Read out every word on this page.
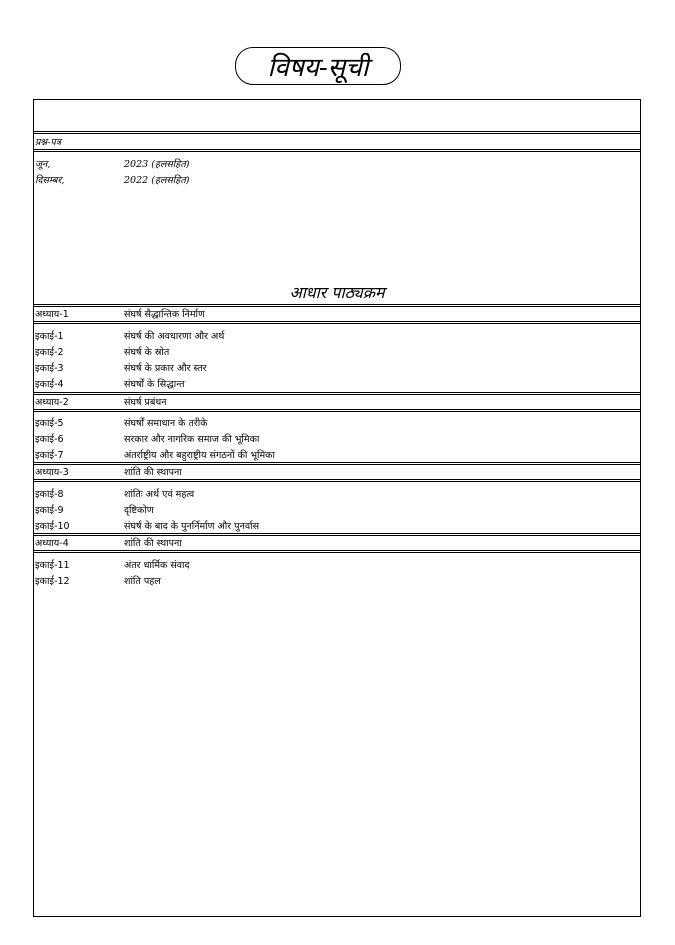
विषय-सूची
प्रश्न-पत्र
जून,	2023 (हलसहित)
दिसम्बर,	2022 (हलसहित)
आधार पाठ्यक्रम
अध्याय-1	संघर्ष सैद्धान्तिक निर्माण
इकाई-1	संघर्ष की अवधारणा और अर्थ
इकाई-2	संघर्ष के स्रोत
इकाई-3	संघर्ष के प्रकार और स्तर
इकाई-4	संघर्षों के सिद्धान्त
अध्याय-2	संघर्ष प्रबंधन
इकाई-5	संघर्षों समाधान के तरीके
इकाई-6	सरकार और नागरिक समाज की भूमिका
इकाई-7	अंतर्राष्ट्रीय और बहुराष्ट्रीय संगठनों की भूमिका
अध्याय-3	शांति की स्थापना
इकाई-8	शांतिः अर्थ एवं महत्व
इकाई-9	दृष्टिकोण
इकाई-10	संघर्ष के बाद के पुनर्निर्माण और पुनर्वास
अध्याय-4	शांति की स्थापना
इकाई-11	अंतर धार्मिक संवाद
इकाई-12	शांति पहल
